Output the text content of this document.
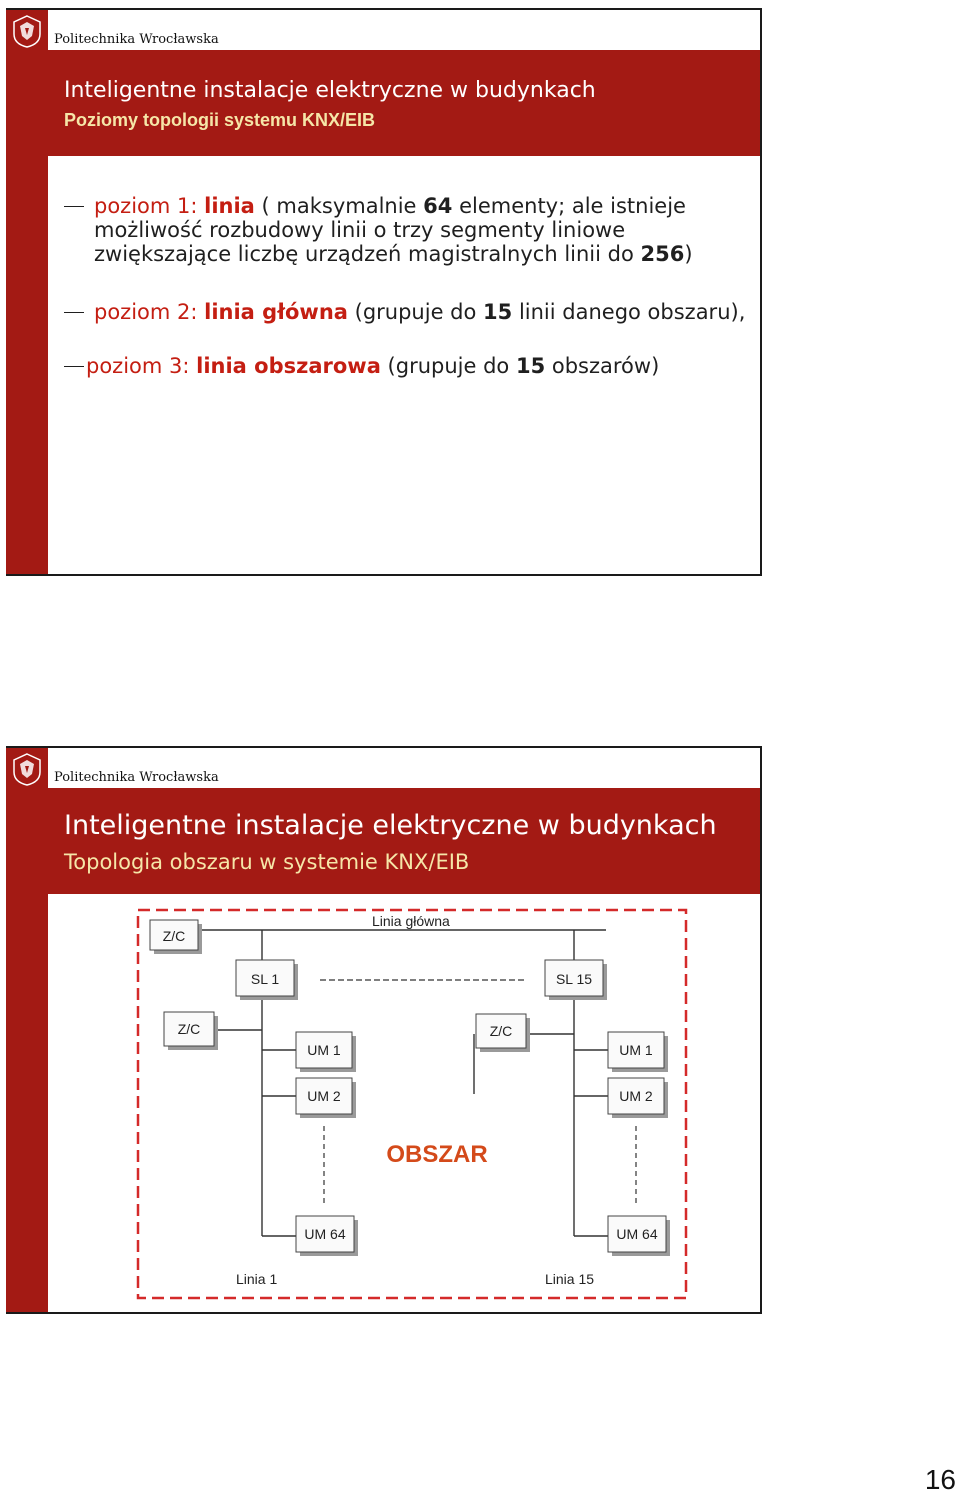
Politechnika Wrocławska
Inteligentne instalacje elektryczne w budynkach
Poziomy topologii systemu KNX/EIB
poziom 1: linia ( maksymalnie 64 elementy; ale istnieje możliwość rozbudowy linii o trzy segmenty liniowe zwiększające liczbę urządzeń magistralnych linii do 256)
poziom 2: linia główna (grupuje do 15 linii danego obszaru),
poziom 3: linia obszarowa (grupuje do 15 obszarów)
Politechnika Wrocławska
Inteligentne instalacje elektryczne w budynkach
Topologia obszaru w systemie KNX/EIB
Linia główna
Z/C
SL 1	SL 15
Z/C	Z/C
UM 1
UM 2
UM 64
UM 1
UM 2
UM 64
OBSZAR
Linia 1	Linia 15
16
